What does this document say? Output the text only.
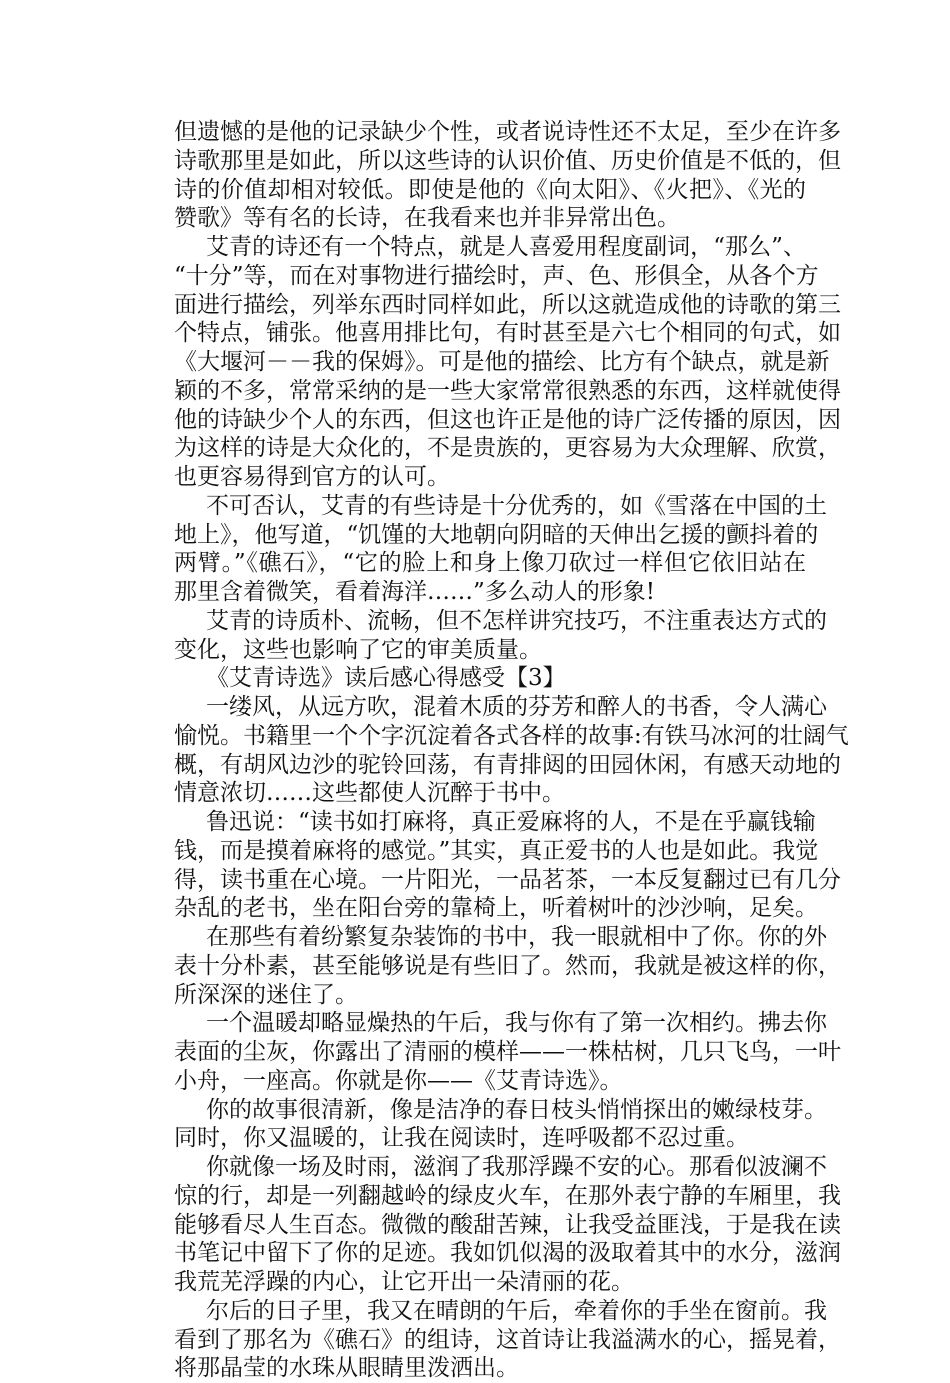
但遗憾的是他的记录缺少个性，或者说诗性还不太足，至少在许多
诗歌那里是如此，所以这些诗的认识价值、历史价值是不低的，但
诗的价值却相对较低。即使是他的《向太阳》、《火把》、《光的
赞歌》等有名的长诗，在我看来也并非异常出色。
艾青的诗还有一个特点，就是人喜爱用程度副词，“那么”、
“十分”等，而在对事物进行描绘时，声、色、形俱全，从各个方
面进行描绘，列举东西时同样如此，所以这就造成他的诗歌的第三
个特点，铺张。他喜用排比句，有时甚至是六七个相同的句式，如
《大堰河－－我的保姆》。可是他的描绘、比方有个缺点，就是新
颖的不多，常常采纳的是一些大家常常很熟悉的东西，这样就使得
他的诗缺少个人的东西，但这也许正是他的诗广泛传播的原因，因
为这样的诗是大众化的，不是贵族的，更容易为大众理解、欣赏，
也更容易得到官方的认可。
不可否认，艾青的有些诗是十分优秀的，如《雪落在中国的土
地上》，他写道，“饥馑的大地朝向阴暗的天伸出乞援的颤抖着的
两臂。”《礁石》，“它的脸上和身上像刀砍过一样但它依旧站在
那里含着微笑，看着海洋……”多么动人的形象!
艾青的诗质朴、流畅，但不怎样讲究技巧，不注重表达方式的
变化，这些也影响了它的审美质量。
《艾青诗选》读后感心得感受【3】
一缕风，从远方吹，混着木质的芬芳和醉人的书香，令人满心
愉悦。书籍里一个个字沉淀着各式各样的故事:有铁马冰河的壮阔气
概，有胡风边沙的驼铃回荡，有青排闼的田园休闲，有感天动地的
情意浓切……这些都使人沉醉于书中。
鲁迅说：“读书如打麻将，真正爱麻将的人，不是在乎赢钱输
钱，而是摸着麻将的感觉。”其实，真正爱书的人也是如此。我觉
得，读书重在心境。一片阳光，一品茗茶，一本反复翻过已有几分
杂乱的老书，坐在阳台旁的靠椅上，听着树叶的沙沙响，足矣。
在那些有着纷繁复杂装饰的书中，我一眼就相中了你。你的外
表十分朴素，甚至能够说是有些旧了。然而，我就是被这样的你，
所深深的迷住了。
一个温暖却略显燥热的午后，我与你有了第一次相约。拂去你
表面的尘灰，你露出了清丽的模样——一株枯树，几只飞鸟，一叶
小舟，一座高。你就是你——《艾青诗选》。
你的故事很清新，像是洁净的春日枝头悄悄探出的嫩绿枝芽。
同时，你又温暖的，让我在阅读时，连呼吸都不忍过重。
你就像一场及时雨，滋润了我那浮躁不安的心。那看似波澜不
惊的行，却是一列翻越岭的绿皮火车，在那外表宁静的车厢里，我
能够看尽人生百态。微微的酸甜苦辣，让我受益匪浅，于是我在读
书笔记中留下了你的足迹。我如饥似渴的汲取着其中的水分，滋润
我荒芜浮躁的内心，让它开出一朵清丽的花。
尔后的日子里，我又在晴朗的午后，牵着你的手坐在窗前。我
看到了那名为《礁石》的组诗，这首诗让我溢满水的心，摇晃着，
将那晶莹的水珠从眼睛里泼洒出。
